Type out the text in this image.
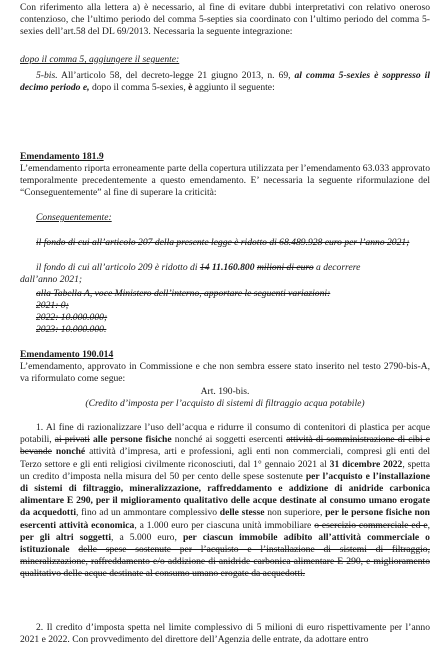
Con riferimento alla lettera a) è necessario, al fine di evitare dubbi interpretativi con relativo oneroso contenzioso, che l’ultimo periodo del comma 5-septies sia coordinato con l’ultimo periodo del comma 5-sexies dell’art.58 del DL 69/2013. Necessaria la seguente integrazione:

dopo il comma 5, aggiungere il seguente:

5-bis. All’articolo 58, del decreto-legge 21 giugno 2013, n. 69, al comma 5-sexies è soppresso il decimo periodo e, dopo il comma 5-sexies, è aggiunto il seguente:

Emendamento 181.9

L’emendamento riporta erroneamente parte della copertura utilizzata per l’emendamento 63.033 approvato temporalmente precedentemente a questo emendamento. E’ necessaria la seguente riformulazione del “Conseguentemente” al fine di superare la criticità:

Conseguentemente:

il fondo di cui all’articolo 207 della presente legge è ridotto di 68.489.928 euro per l’anno 2021;

il fondo di cui all’articolo 209 è ridotto di 14 11.160.800 milioni di euro a decorrere

dall’anno 2021;

alla Tabella A, voce Ministero dell’interno, apportare le seguenti variazioni:

2021: 0;

2022: 10.000.000;

2023: 10.000.000.

Emendamento 190.014

L’emendamento, approvato in Commissione e che non sembra essere stato inserito nel testo 2790-bis-A, va riformulato come segue:

Art. 190-bis.

(Credito d’imposta per l’acquisto di sistemi di filtraggio acqua potabile)

1. Al fine di razionalizzare l’uso dell’acqua e ridurre il consumo di contenitori di plastica per acque potabili, ai privati alle persone fisiche nonché ai soggetti esercenti attività di somministrazione di cibi e bevande nonché attività d’impresa, arti e professioni, agli enti non commerciali, compresi gli enti del Terzo settore e gli enti religiosi civilmente riconosciuti, dal 1° gennaio 2021 al 31 dicembre 2022, spetta un credito d’imposta nella misura del 50 per cento delle spese sostenute per l’acquisto e l’installazione di sistemi di filtraggio, mineralizzazione, raffreddamento e addizione di anidride carbonica alimentare E 290, per il miglioramento qualitativo delle acque destinate al consumo umano erogate da acquedotti, fino ad un ammontare complessivo delle stesse non superiore, per le persone fisiche non esercenti attività economica, a 1.000 euro per ciascuna unità immobiliare o esercizio commerciale ed e, per gli altri soggetti, a 5.000 euro, per ciascun immobile adibito all’attività commerciale o istituzionale delle spese sostenute per l’acquisto e l’installazione di sistemi di filtraggio, mineralizzazione, raffreddamento e/o addizione di anidride carbonica alimentare E 290, e miglioramento qualitativo delle acque destinate al consumo umano erogate da acquedotti.

2. Il credito d’imposta spetta nel limite complessivo di 5 milioni di euro rispettivamente per l’anno 2021 e 2022. Con provvedimento del direttore dell’Agenzia delle entrate, da adottare entro
